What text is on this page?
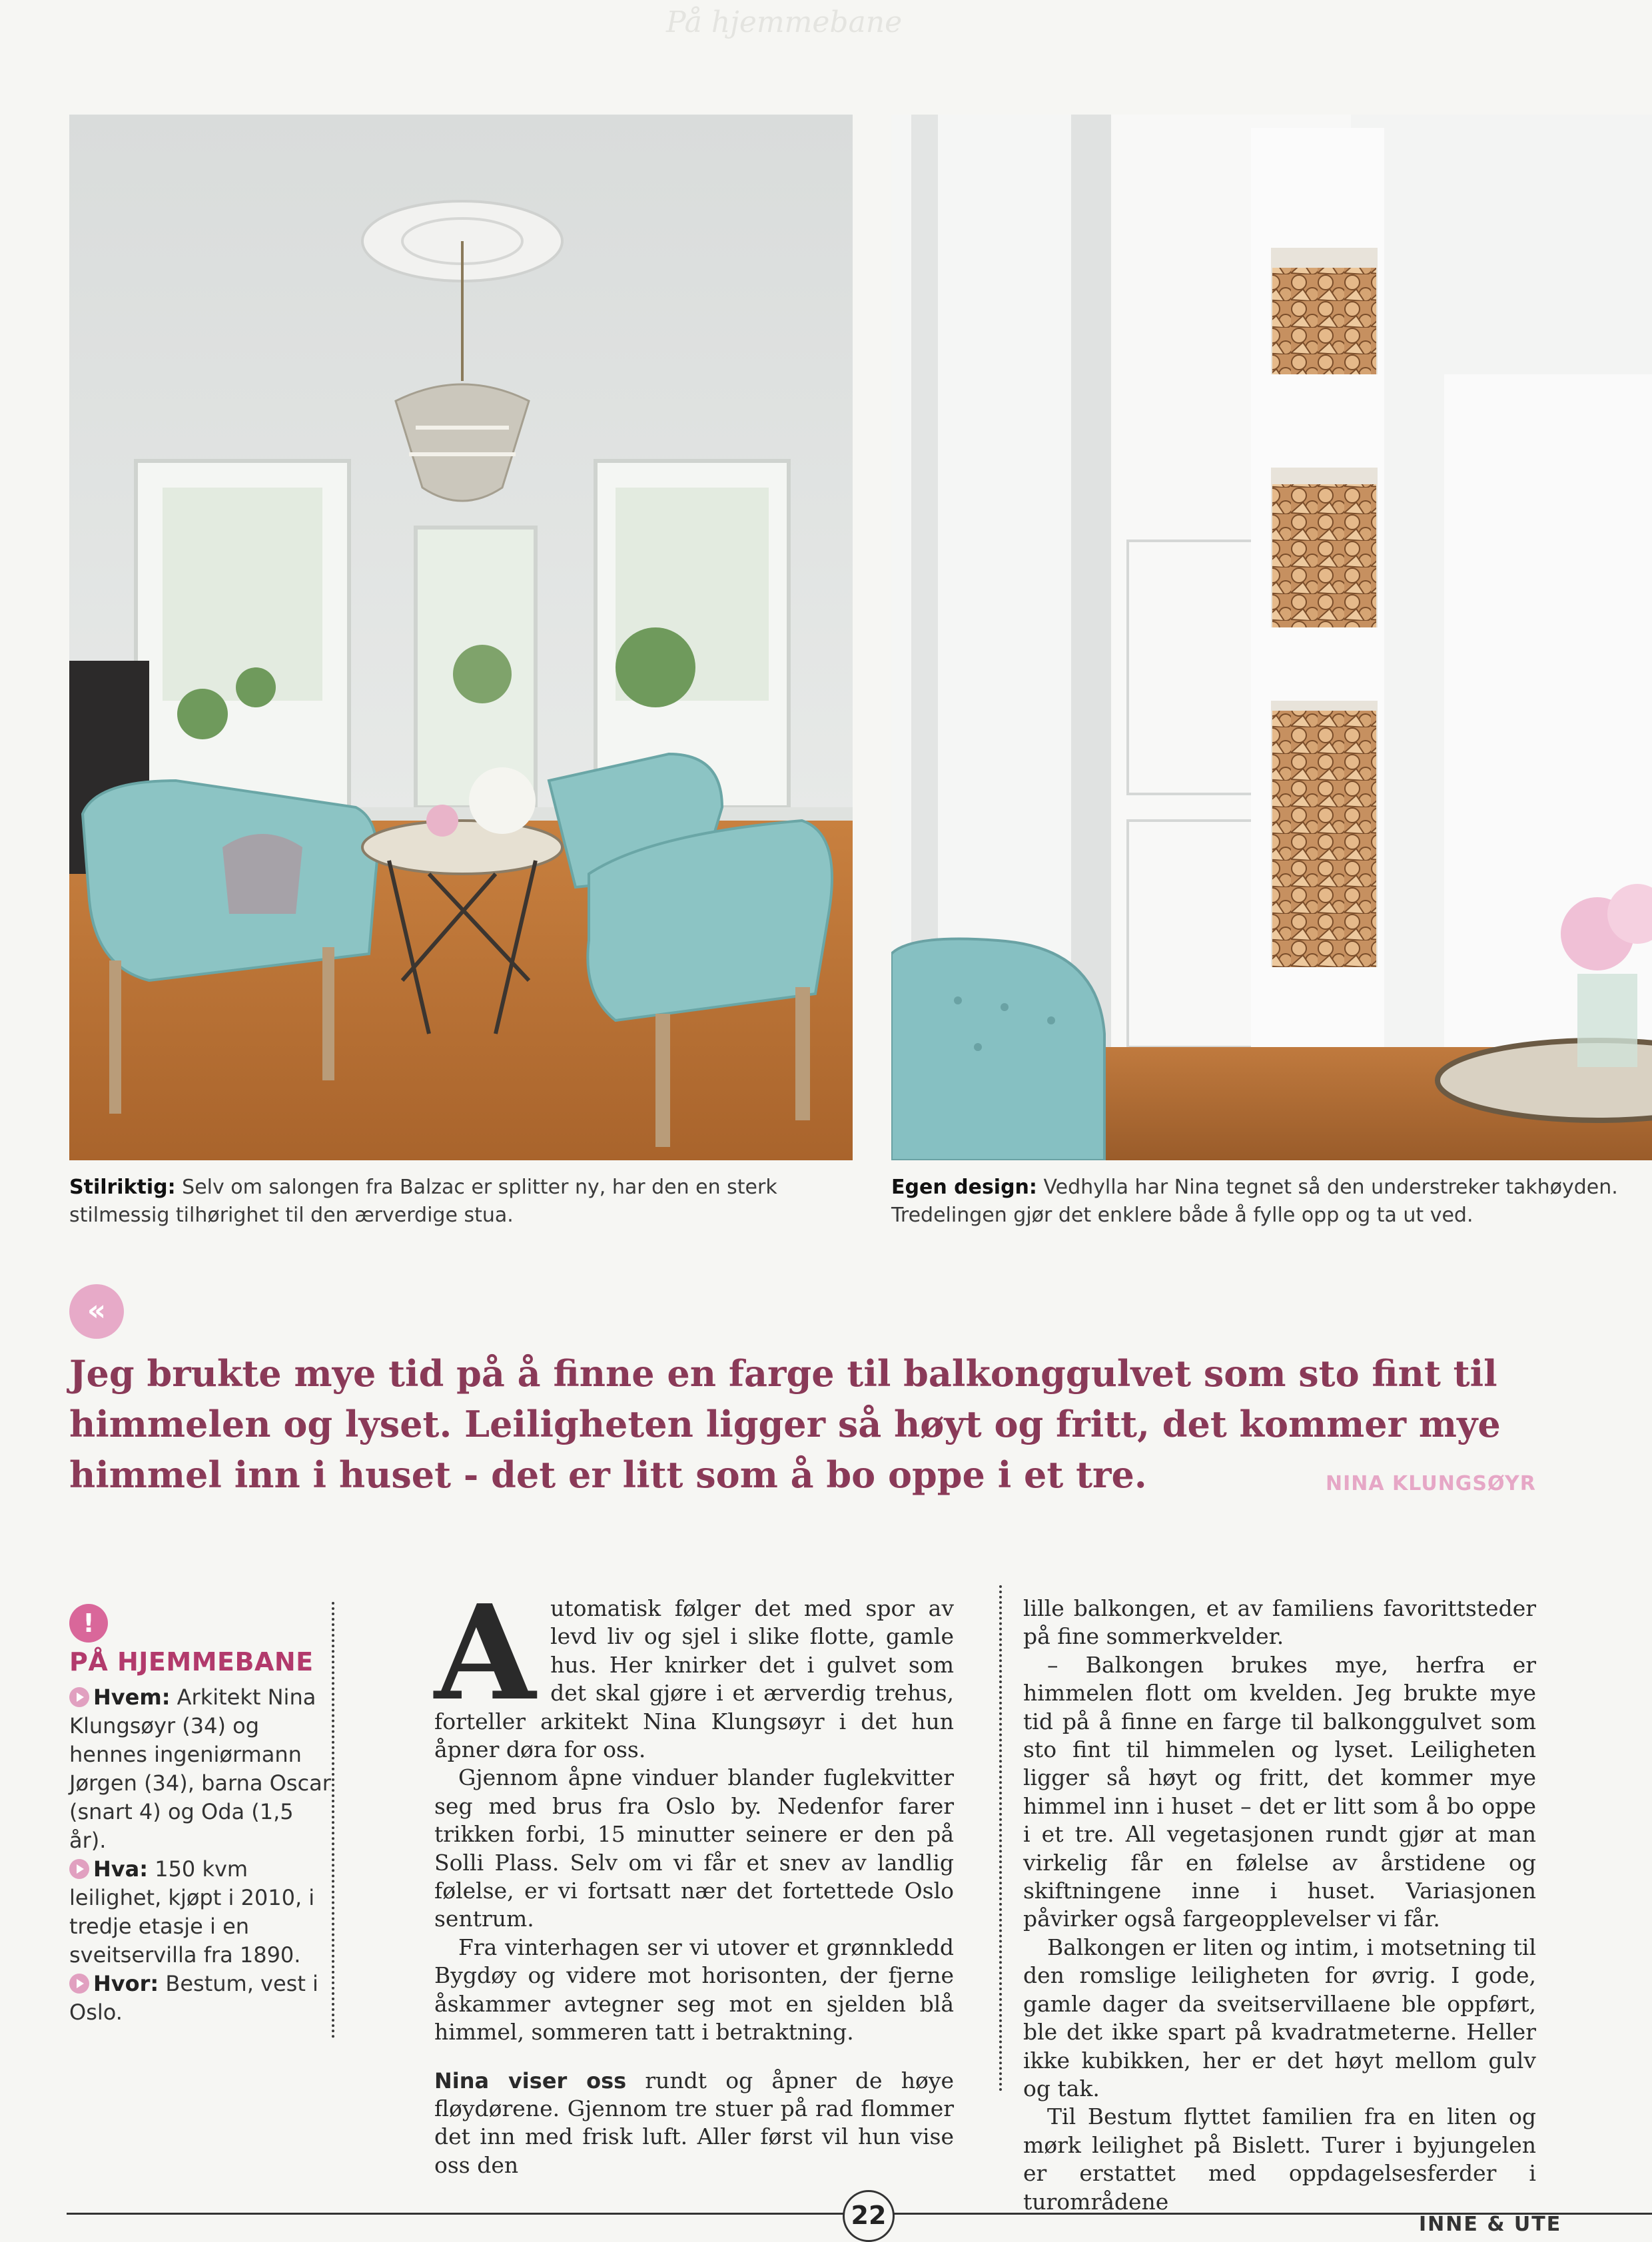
På hjemmebane
Stilriktig: Selv om salongen fra Balzac er splitter ny, har den en sterk stilmessig tilhørighet til den ærverdige stua.
Egen design: Vedhylla har Nina tegnet så den understreker takhøyden. Tredelingen gjør det enklere både å fylle opp og ta ut ved.
«
Jeg brukte mye tid på å finne en farge til balkonggulvet som sto fint til himmelen og lyset. Leiligheten ligger så høyt og fritt, det kommer mye himmel inn i huset - det er litt som å bo oppe i et tre.	NINA KLUNGSØYR
!
PÅ HJEMMEBANE

Hvem: Arkitekt Nina Klungsøyr (34) og hennes ingeniørmann Jørgen (34), barna Oscar (snart 4) og Oda (1,5 år).

Hva: 150 kvm leilighet, kjøpt i 2010, i tredje etasje i en sveitservilla fra 1890.

Hvor: Bestum, vest i Oslo.

Automatisk følger det med spor av levd liv og sjel i slike flotte, gamle hus. Her knirker det i gulvet som det skal gjøre i et ærverdig trehus, forteller arkitekt Nina Klungsøyr i det hun åpner døra for oss.

Gjennom åpne vinduer blander fuglekvitter seg med brus fra Oslo by. Nedenfor farer trikken forbi, 15 minutter seinere er den på Solli Plass. Selv om vi får et snev av landlig følelse, er vi fortsatt nær det fortettede Oslo sentrum.

Fra vinterhagen ser vi utover et grønnkledd Bygdøy og videre mot horisonten, der fjerne åskammer avtegner seg mot en sjelden blå himmel, sommeren tatt i betraktning.

Nina viser oss rundt og åpner de høye fløydørene. Gjennom tre stuer på rad flommer det inn med frisk luft. Aller først vil hun vise oss den

lille balkongen, et av familiens favorittsteder på fine sommerkvelder.

– Balkongen brukes mye, herfra er himmelen flott om kvelden. Jeg brukte mye tid på å finne en farge til balkonggulvet som sto fint til himmelen og lyset. Leiligheten ligger så høyt og fritt, det kommer mye himmel inn i huset – det er litt som å bo oppe i et tre. All vegetasjonen rundt gjør at man virkelig får en følelse av årstidene og skiftningene inne i huset. Variasjonen påvirker også fargeopplevelser vi får.

Balkongen er liten og intim, i motsetning til den romslige leiligheten for øvrig. I gode, gamle dager da sveitservillaene ble oppført, ble det ikke spart på kvadratmeterne. Heller ikke kubikken, her er det høyt mellom gulv og tak.

Til Bestum flyttet familien fra en liten og mørk leilighet på Bislett. Turer i byjungelen er erstattet med oppdagelsesferder i turområdene

22	INNE & UTE
